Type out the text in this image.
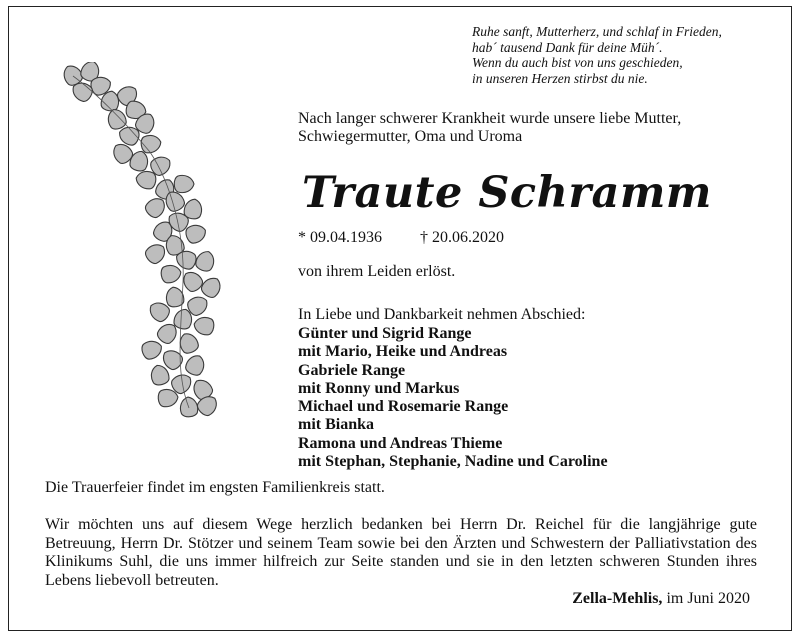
Ruhe sanft, Mutterherz, und schlaf in Frieden,
hab´ tausend Dank für deine Müh´.
Wenn du auch bist von uns geschieden,
in unseren Herzen stirbst du nie.
Nach langer schwerer Krankheit wurde unsere liebe Mutter,
Schwiegermutter, Oma und Uroma
Traute Schramm
* 09.04.1936 † 20.06.2020
von ihrem Leiden erlöst.
In Liebe und Dankbarkeit nehmen Abschied:
Günter und Sigrid Range
mit Mario, Heike und Andreas
Gabriele Range
mit Ronny und Markus
Michael und Rosemarie Range
mit Bianka
Ramona und Andreas Thieme
mit Stephan, Stephanie, Nadine und Caroline
Die Trauerfeier findet im engsten Familienkreis statt.
Wir möchten uns auf diesem Wege herzlich bedanken bei Herrn Dr. Reichel für die langjährige gute Betreuung, Herrn Dr. Stötzer und seinem Team sowie bei den Ärzten und Schwestern der Palliativstation des Klinikums Suhl, die uns immer hilfreich zur Seite standen und sie in den letzten schweren Stunden ihres Lebens liebevoll betreuten.
Zella-Mehlis, im Juni 2020
